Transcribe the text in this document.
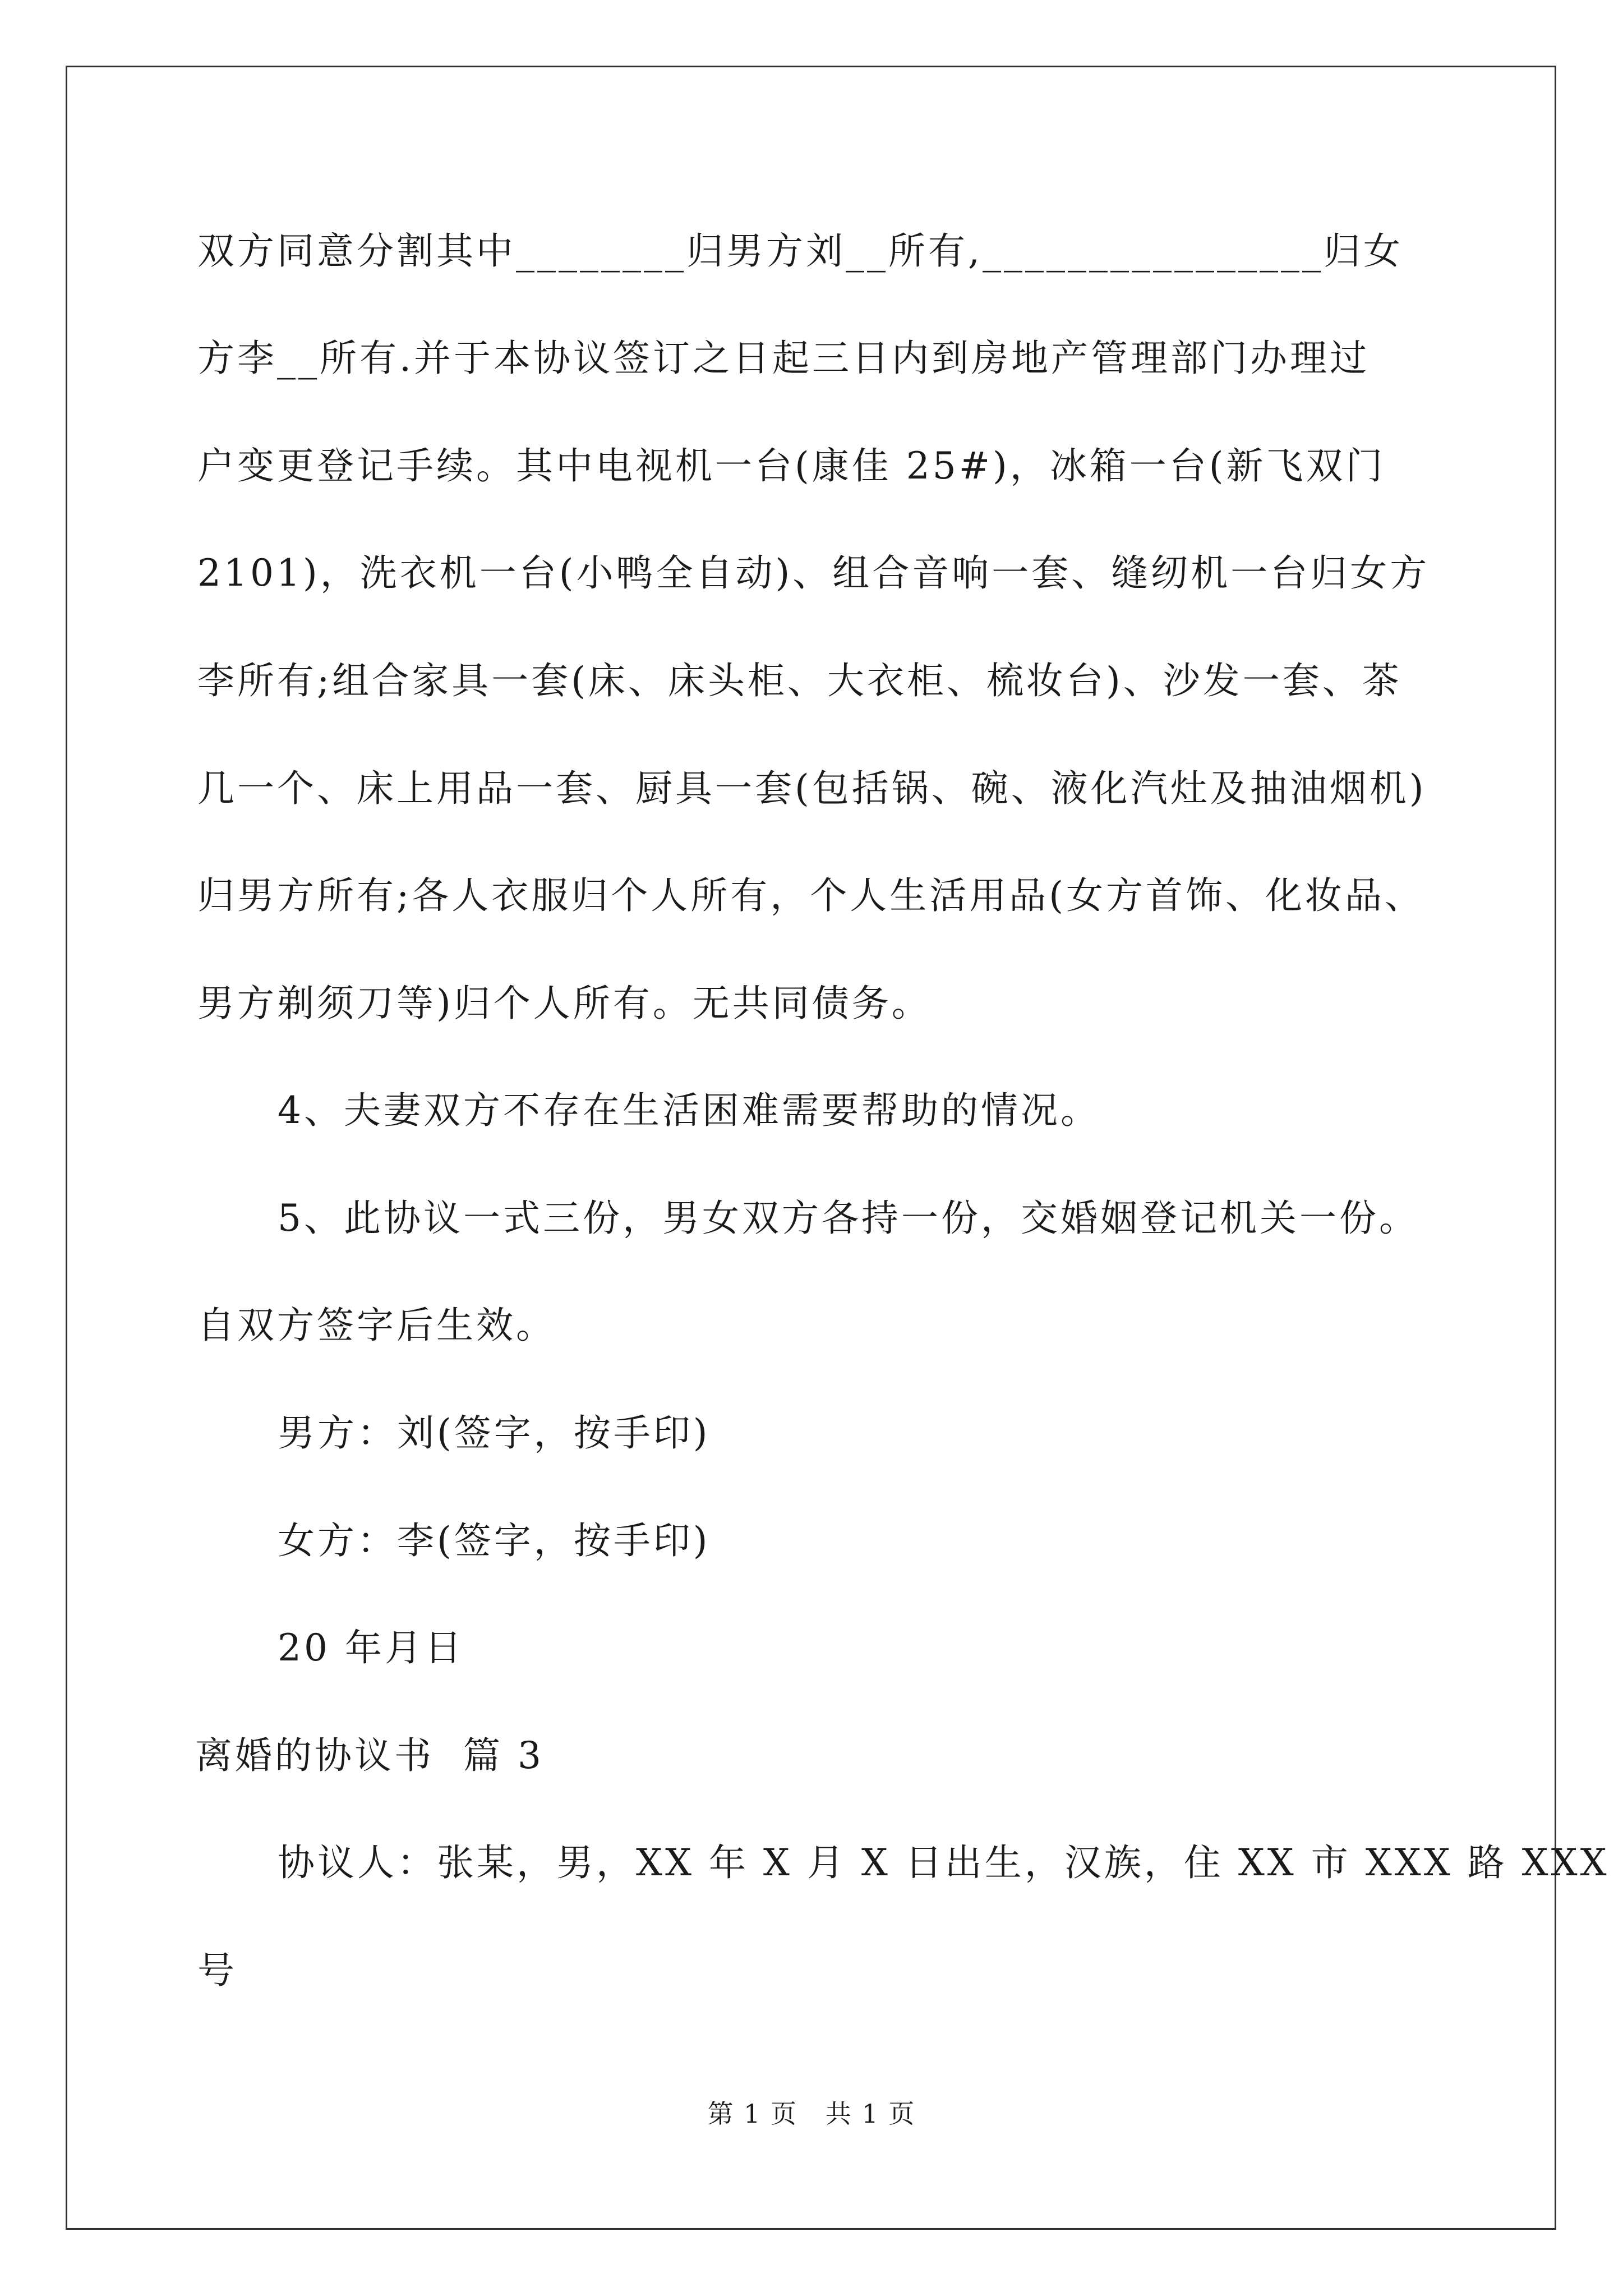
双方同意分割其中________归男方刘__所有,________________归女
方李__所有.并于本协议签订之日起三日内到房地产管理部门办理过
户变更登记手续。其中电视机一台(康佳 25#)，冰箱一台(新飞双门
2101)，洗衣机一台(小鸭全自动)、组合音响一套、缝纫机一台归女方
李所有;组合家具一套(床、床头柜、大衣柜、梳妆台)、沙发一套、茶
几一个、床上用品一套、厨具一套(包括锅、碗、液化汽灶及抽油烟机)
归男方所有;各人衣服归个人所有，个人生活用品(女方首饰、化妆品、
男方剃须刀等)归个人所有。无共同债务。
4、夫妻双方不存在生活困难需要帮助的情况。
5、此协议一式三份，男女双方各持一份，交婚姻登记机关一份。
自双方签字后生效。
男方：刘(签字，按手印)
女方：李(签字，按手印)
20 年月日
离婚的协议书  篇 3
协议人：张某，男，XX 年 X 月 X 日出生，汉族，住 XX 市 XXX 路 XXX
号
第 1 页   共 1 页
